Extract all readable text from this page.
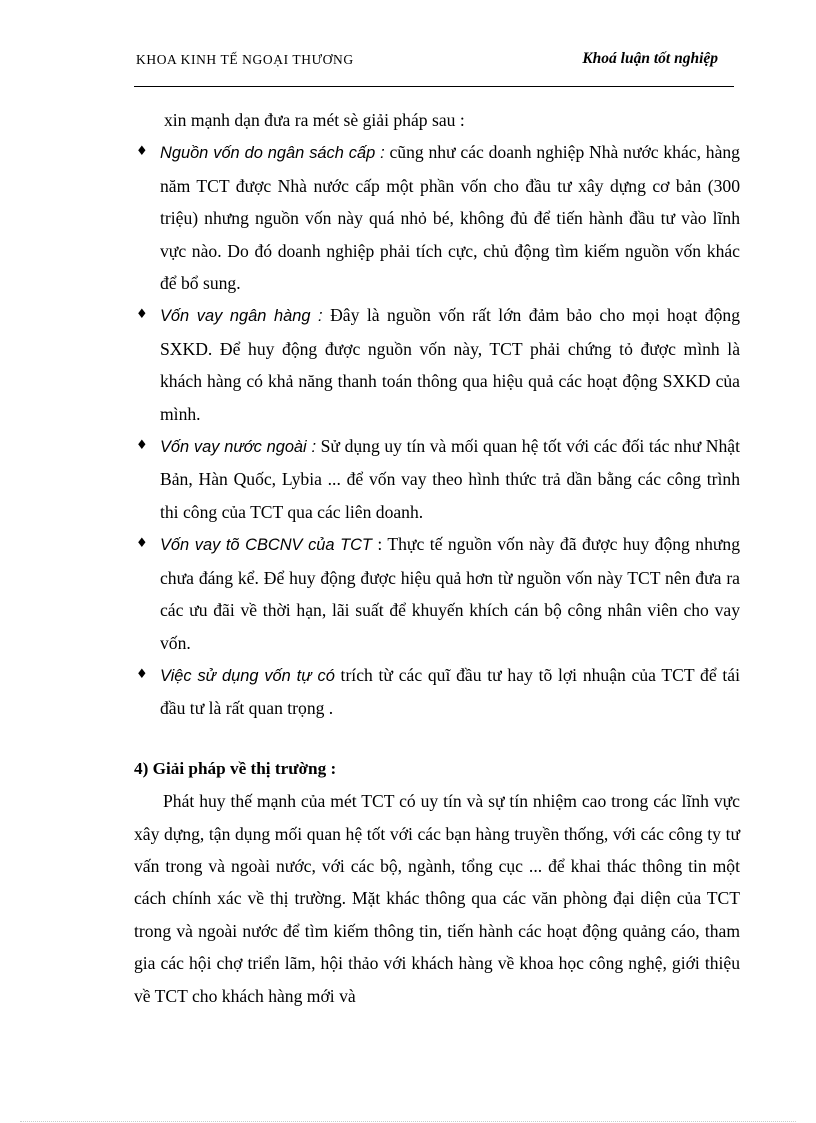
KHOA KINH TẾ NGOẠI THƯƠNG	Khoá luận tốt nghiệp

xin mạnh dạn đưa ra mét sè giải pháp sau :

♦ Nguồn vốn do ngân sách cấp : cũng như các doanh nghiệp Nhà nước khác, hàng năm TCT được Nhà nước cấp một phần vốn cho đầu tư xây dựng cơ bản (300 triệu) nhưng nguồn vốn này quá nhỏ bé, không đủ để tiến hành đầu tư vào lĩnh vực nào. Do đó doanh nghiệp phải tích cực, chủ động tìm kiếm nguồn vốn khác để bổ sung.

♦ Vốn vay ngân hàng : Đây là nguồn vốn rất lớn đảm bảo cho mọi hoạt động SXKD. Để huy động được nguồn vốn này, TCT phải chứng tỏ được mình là khách hàng có khả năng thanh toán thông qua hiệu quả các hoạt động SXKD của mình.

♦ Vốn vay nước ngoài : Sử dụng uy tín và mối quan hệ tốt với các đối tác như Nhật Bản, Hàn Quốc, Lybia ... để vốn vay theo hình thức trả dần bằng các công trình thi công của TCT qua các liên doanh.

♦ Vốn vay tõ CBCNV của TCT : Thực tế nguồn vốn này đã được huy động nhưng chưa đáng kể. Để huy động được hiệu quả hơn từ nguồn vốn này TCT nên đưa ra các ưu đãi về thời hạn, lãi suất để khuyến khích cán bộ công nhân viên cho vay vốn.

♦ Việc sử dụng vốn tự có trích từ các quĩ đầu tư hay tõ lợi nhuận của TCT để tái đầu tư là rất quan trọng .

4) Giải pháp về thị trường :

Phát huy thế mạnh của mét TCT có uy tín và sự tín nhiệm cao trong các lĩnh vực xây dựng, tận dụng mối quan hệ tốt với các bạn hàng truyền thống, với các công ty tư vấn trong và ngoài nước, với các bộ, ngành, tổng cục ... để khai thác thông tin một cách chính xác về thị trường. Mặt khác thông qua các văn phòng đại diện của TCT trong và ngoài nước để tìm kiếm thông tin, tiến hành các hoạt động quảng cáo, tham gia các hội chợ triển lãm, hội thảo với khách hàng về khoa học công nghệ, giới thiệu về TCT cho khách hàng mới và
